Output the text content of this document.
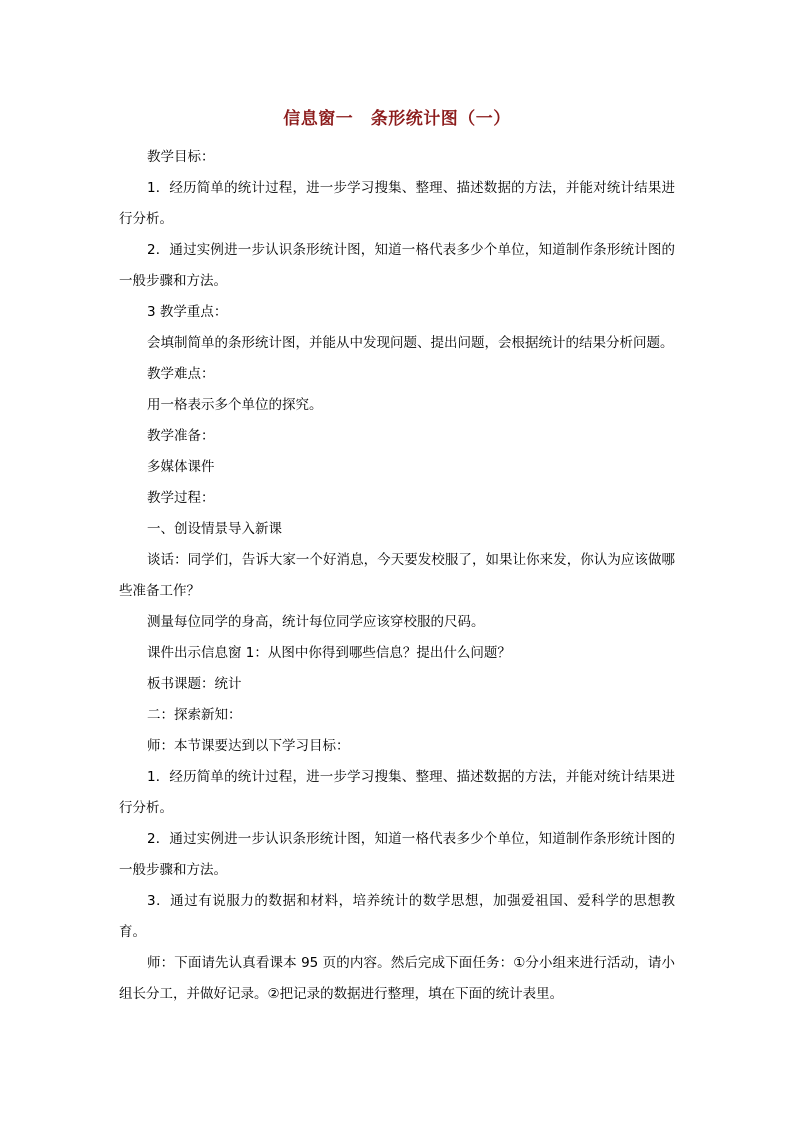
信息窗一　条形统计图（一）

教学目标：

1．经历简单的统计过程，进一步学习搜集、整理、描述数据的方法，并能对统计结果进行分析。

2．通过实例进一步认识条形统计图，知道一格代表多少个单位，知道制作条形统计图的一般步骤和方法。

3 教学重点：

会填制简单的条形统计图，并能从中发现问题、提出问题，会根据统计的结果分析问题。

教学难点：

用一格表示多个单位的探究。

教学准备：

多媒体课件

教学过程：

一、创设情景导入新课

谈话：同学们，告诉大家一个好消息，今天要发校服了，如果让你来发，你认为应该做哪些准备工作？

测量每位同学的身高，统计每位同学应该穿校服的尺码。

课件出示信息窗 1：从图中你得到哪些信息？提出什么问题？

板书课题：统计

二：探索新知：

师：本节课要达到以下学习目标：

1．经历简单的统计过程，进一步学习搜集、整理、描述数据的方法，并能对统计结果进行分析。

2．通过实例进一步认识条形统计图，知道一格代表多少个单位，知道制作条形统计图的一般步骤和方法。

3．通过有说服力的数据和材料，培养统计的数学思想，加强爱祖国、爱科学的思想教育。

师：下面请先认真看课本 95 页的内容。然后完成下面任务：①分小组来进行活动，请小组长分工，并做好记录。②把记录的数据进行整理，填在下面的统计表里。
